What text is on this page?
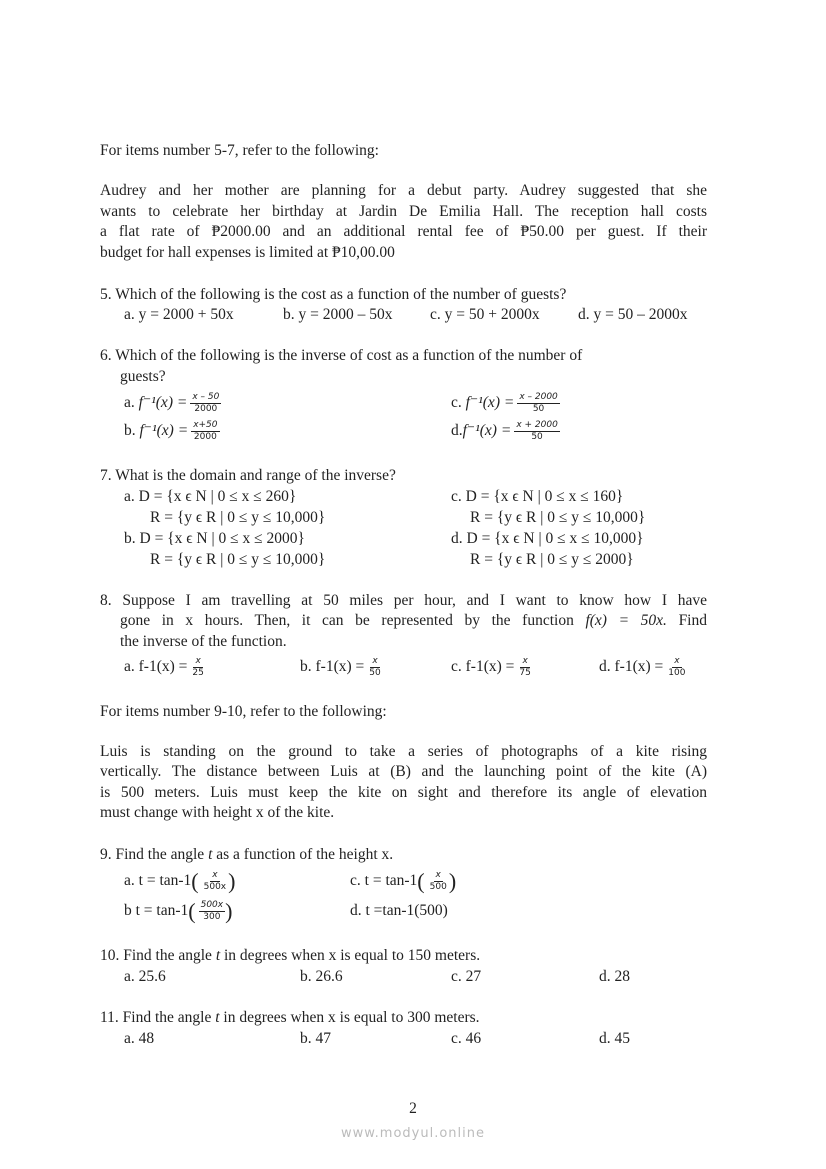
For items number 5-7, refer to the following:
Audrey and her mother are planning for a debut party. Audrey suggested that she
wants to celebrate her birthday at Jardin De Emilia Hall. The reception hall costs
a flat rate of ₱2000.00 and an additional rental fee of ₱50.00 per guest. If their
budget for hall expenses is limited at ₱10,00.00
5. Which of the following is the cost as a function of the number of guests?
a. y = 2000 + 50x	b. y = 2000 – 50x c. y = 50 + 2000x d. y = 50 – 2000x
6. Which of the following is the inverse of cost as a function of the number of
guests?
a. $f^{-1}(x) = \frac{x - 50}{2000}$
b. $f^{-1}(x) = \frac{x+50}{2000}$
c. $f^{-1}(x) = \frac{x - 2000}{50}$
$d.f^{-1}(x) = \frac{x + 2000}{50}$
7. What is the domain and range of the inverse?
a. D = {x ϵ N | 0 ≤ x ≤ 260}
R = {y ϵ R | 0 ≤ y ≤ 10,000}
b. D = {x ϵ N | 0 ≤ x ≤ 2000}
R = {y ϵ R | 0 ≤ y ≤ 10,000}
c. D = {x ϵ N | 0 ≤ x ≤ 160}
R = {y ϵ R | 0 ≤ y ≤ 10,000}
d. D = {x ϵ N | 0 ≤ x ≤ 10,000}
R = {y ϵ R | 0 ≤ y ≤ 2000}
8. Suppose I am travelling at 50 miles per hour, and I want to know how I have
gone in x hours. Then, it can be represented by the function f(x) = 50x. Find
the inverse of the function.
a. $f-1(x) = \frac{x}{25}$	b. $f-1(x) = \frac{x}{50}$	c. $f-1(x) = \frac{x}{75}$	d. $f-1(x) = \frac{x}{100}$
For items number 9-10, refer to the following:
Luis is standing on the ground to take a series of photographs of a kite rising
vertically. The distance between Luis at (B) and the launching point of the kite (A)
is 500 meters. Luis must keep the kite on sight and therefore its angle of elevation
must change with height x of the kite.
9. Find the angle t as a function of the height x.
a. $t = \tan-1( \frac{x}{500x}$ )
b $t = \tan-1( \frac{500x}{300}$ )
c. $t = \tan-1( \frac{x}{500}$ )
d. t =tan-1(500)
10. Find the angle t in degrees when x is equal to 150 meters.
a. 25.6	b. 26.6	c. 27	d. 28
11. Find the angle t in degrees when x is equal to 300 meters.
a. 48	b. 47	c. 46	d. 45
2
www.modyul.online
